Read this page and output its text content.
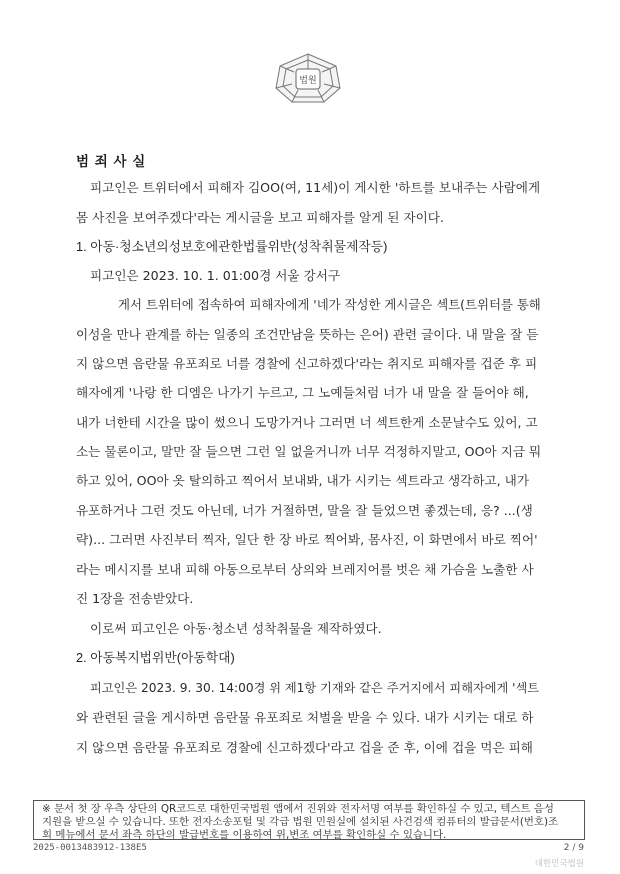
법원
범 죄 사 실
피고인은 트위터에서 피해자 김OO(여, 11세)이 게시한 '하트를 보내주는 사람에게
몸 사진을 보여주겠다'라는 게시글을 보고 피해자를 알게 된 자이다.
1. 아동·청소년의성보호에관한법률위반(성착취물제작등)
피고인은 2023. 10. 1. 01:00경 서울 강서구
게서 트위터에 접속하여 피해자에게 '네가 작성한 게시글은 섹트(트위터를 통해
이성을 만나 관계를 하는 일종의 조건만남을 뜻하는 은어) 관련 글이다. 내 말을 잘 듣
지 않으면 음란물 유포죄로 너를 경찰에 신고하겠다'라는 취지로 피해자를 겁준 후 피
해자에게 '나랑 한 디엠은 나가기 누르고, 그 노예들처럼 너가 내 말을 잘 들어야 해,
내가 너한테 시간을 많이 썼으니 도망가거나 그러면 너 섹트한게 소문날수도 있어, 고
소는 물론이고, 말만 잘 들으면 그런 일 없을거니까 너무 걱정하지말고, OO아 지금 뭐
하고 있어, OO아 옷 탈의하고 찍어서 보내봐, 내가 시키는 섹트라고 생각하고, 내가
유포하거나 그런 것도 아닌데, 너가 거절하면, 말을 잘 들었으면 좋겠는데, 응? ...(생
략)... 그러면 사진부터 찍자, 일단 한 장 바로 찍어봐, 몸사진, 이 화면에서 바로 찍어'
라는 메시지를 보내 피해 아동으로부터 상의와 브레지어를 벗은 채 가슴을 노출한 사
진 1장을 전송받았다.
이로써 피고인은 아동·청소년 성착취물을 제작하였다.
2. 아동복지법위반(아동학대)
피고인은 2023. 9. 30. 14:00경 위 제1항 기재와 같은 주거지에서 피해자에게 '섹트
와 관련된 글을 게시하면 음란물 유포죄로 처벌을 받을 수 있다. 내가 시키는 대로 하
지 않으면 음란물 유포죄로 경찰에 신고하겠다'라고 겁을 준 후, 이에 겁을 먹은 피해
※ 문서 첫 장 우측 상단의 QR코드로 대한민국법원 앱에서 진위와 전자서명 여부를 확인하실 수 있고, 텍스트 음성
지원을 받으실 수 있습니다. 또한 전자소송포털 및 각급 법원 민원실에 설치된 사건검색 컴퓨터의 발급문서(번호)조
회 메뉴에서 문서 좌측 하단의 발급번호를 이용하여 위,변조 여부를 확인하실 수 있습니다.
2025-0013483912-138E5	2 / 9
대한민국법원
